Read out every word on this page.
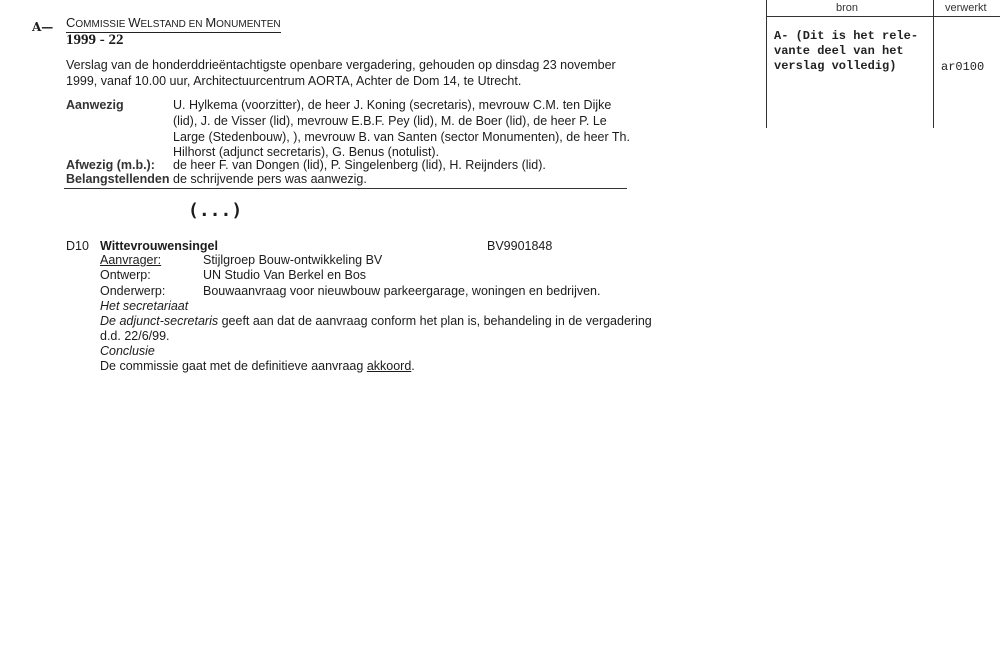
A— COMMISSIE WELSTAND EN MONUMENTEN
1999 - 22
Verslag van de honderddrieëntachtigste openbare vergadering, gehouden op dinsdag 23 november
1999, vanaf 10.00 uur, Architectuurcentrum AORTA, Achter de Dom 14, te Utrecht.
Aanwezig	U. Hylkema (voorzitter), de heer J. Koning (secretaris), mevrouw C.M. ten Dijke
(lid), J. de Visser (lid), mevrouw E.B.F. Pey (lid), M. de Boer (lid), de heer P. Le
Large (Stedenbouw), ), mevrouw B. van Santen (sector Monumenten), de heer Th.
Hilhorst (adjunct secretaris), G. Benus (notulist).
Afwezig (m.b.): de heer F. van Dongen (lid), P. Singelenberg (lid), H. Reijnders (lid).
Belangstellenden de schrijvende pers was aanwezig.
(...)
D10 Wittevrouwensingel	BV9901848
Aanvrager:	Stijlgroep Bouw-ontwikkeling BV
Ontwerp:	UN Studio Van Berkel en Bos
Onderwerp:	Bouwaanvraag voor nieuwbouw parkeergarage, woningen en bedrijven.
Het secretariaat
De adjunct-secretaris geeft aan dat de aanvraag conform het plan is, behandeling in de vergadering
d.d. 22/6/99.
Conclusie
De commissie gaat met de definitieve aanvraag akkoord.
bron	verwerkt
A- (Dit is het rele-
vante deel van het
verslag volledig)	ar0100
